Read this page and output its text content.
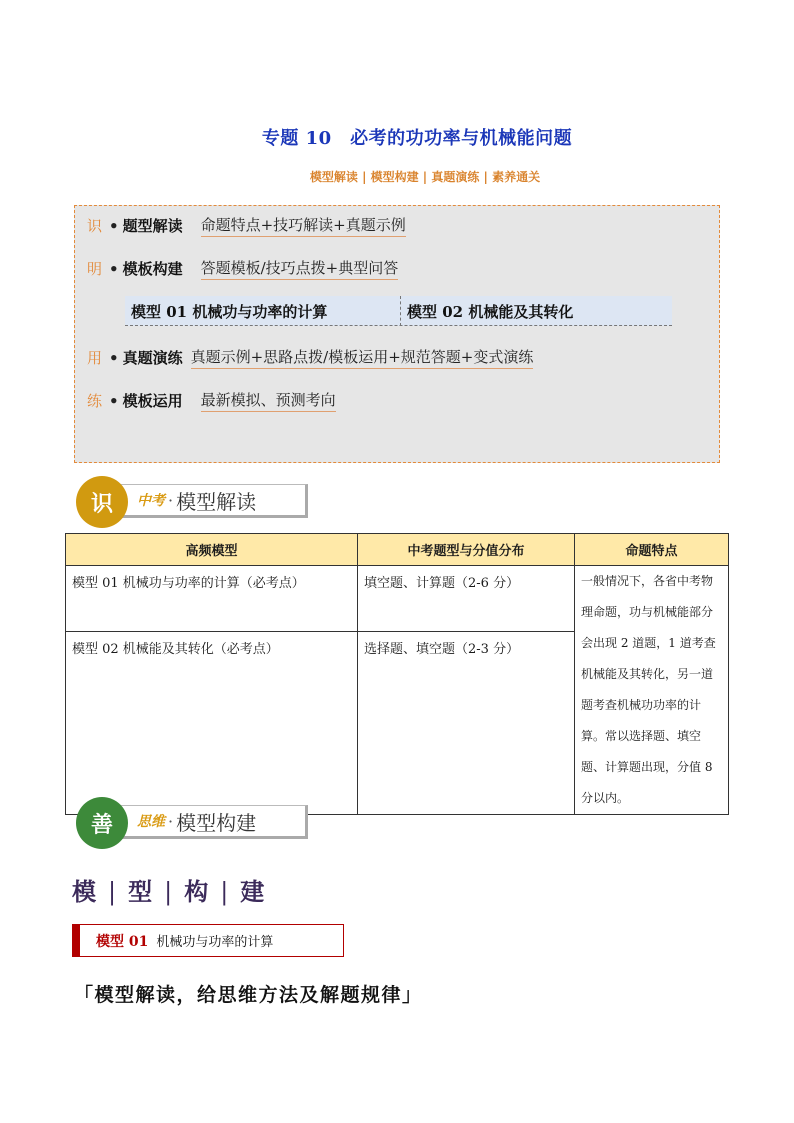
专题 10　必考的功功率与机械能问题
模型解读 | 模型构建 | 真题演练 | 素养通关
识 • 题型解读 命题特点+技巧解读+真题示例
明 • 模板构建 答题模板/技巧点拨+典型问答
模型 01 机械功与功率的计算	模型 02 机械能及其转化
用 • 真题演练 真题示例+思路点拨/模板运用+规范答题+变式演练
练 • 模板运用 最新模拟、预测考向
中考 · 模型解读
识
高频模型	中考题型与分值分布	命题特点
模型 01 机械功与功率的计算（必考点）	填空题、计算题（2-6 分）	一般情况下，各省中考物理命题，功与机械能部分会出现 2 道题，1 道考查机械能及其转化，另一道题考查机械功功率的计算。常以选择题、填空题、计算题出现，分值 8 分以内。
模型 02 机械能及其转化（必考点）	选择题、填空题（2-3 分）	
思维 · 模型构建
善
模 | 型 | 构 | 建
模型 01 机械功与功率的计算
「模型解读，给思维方法及解题规律」
